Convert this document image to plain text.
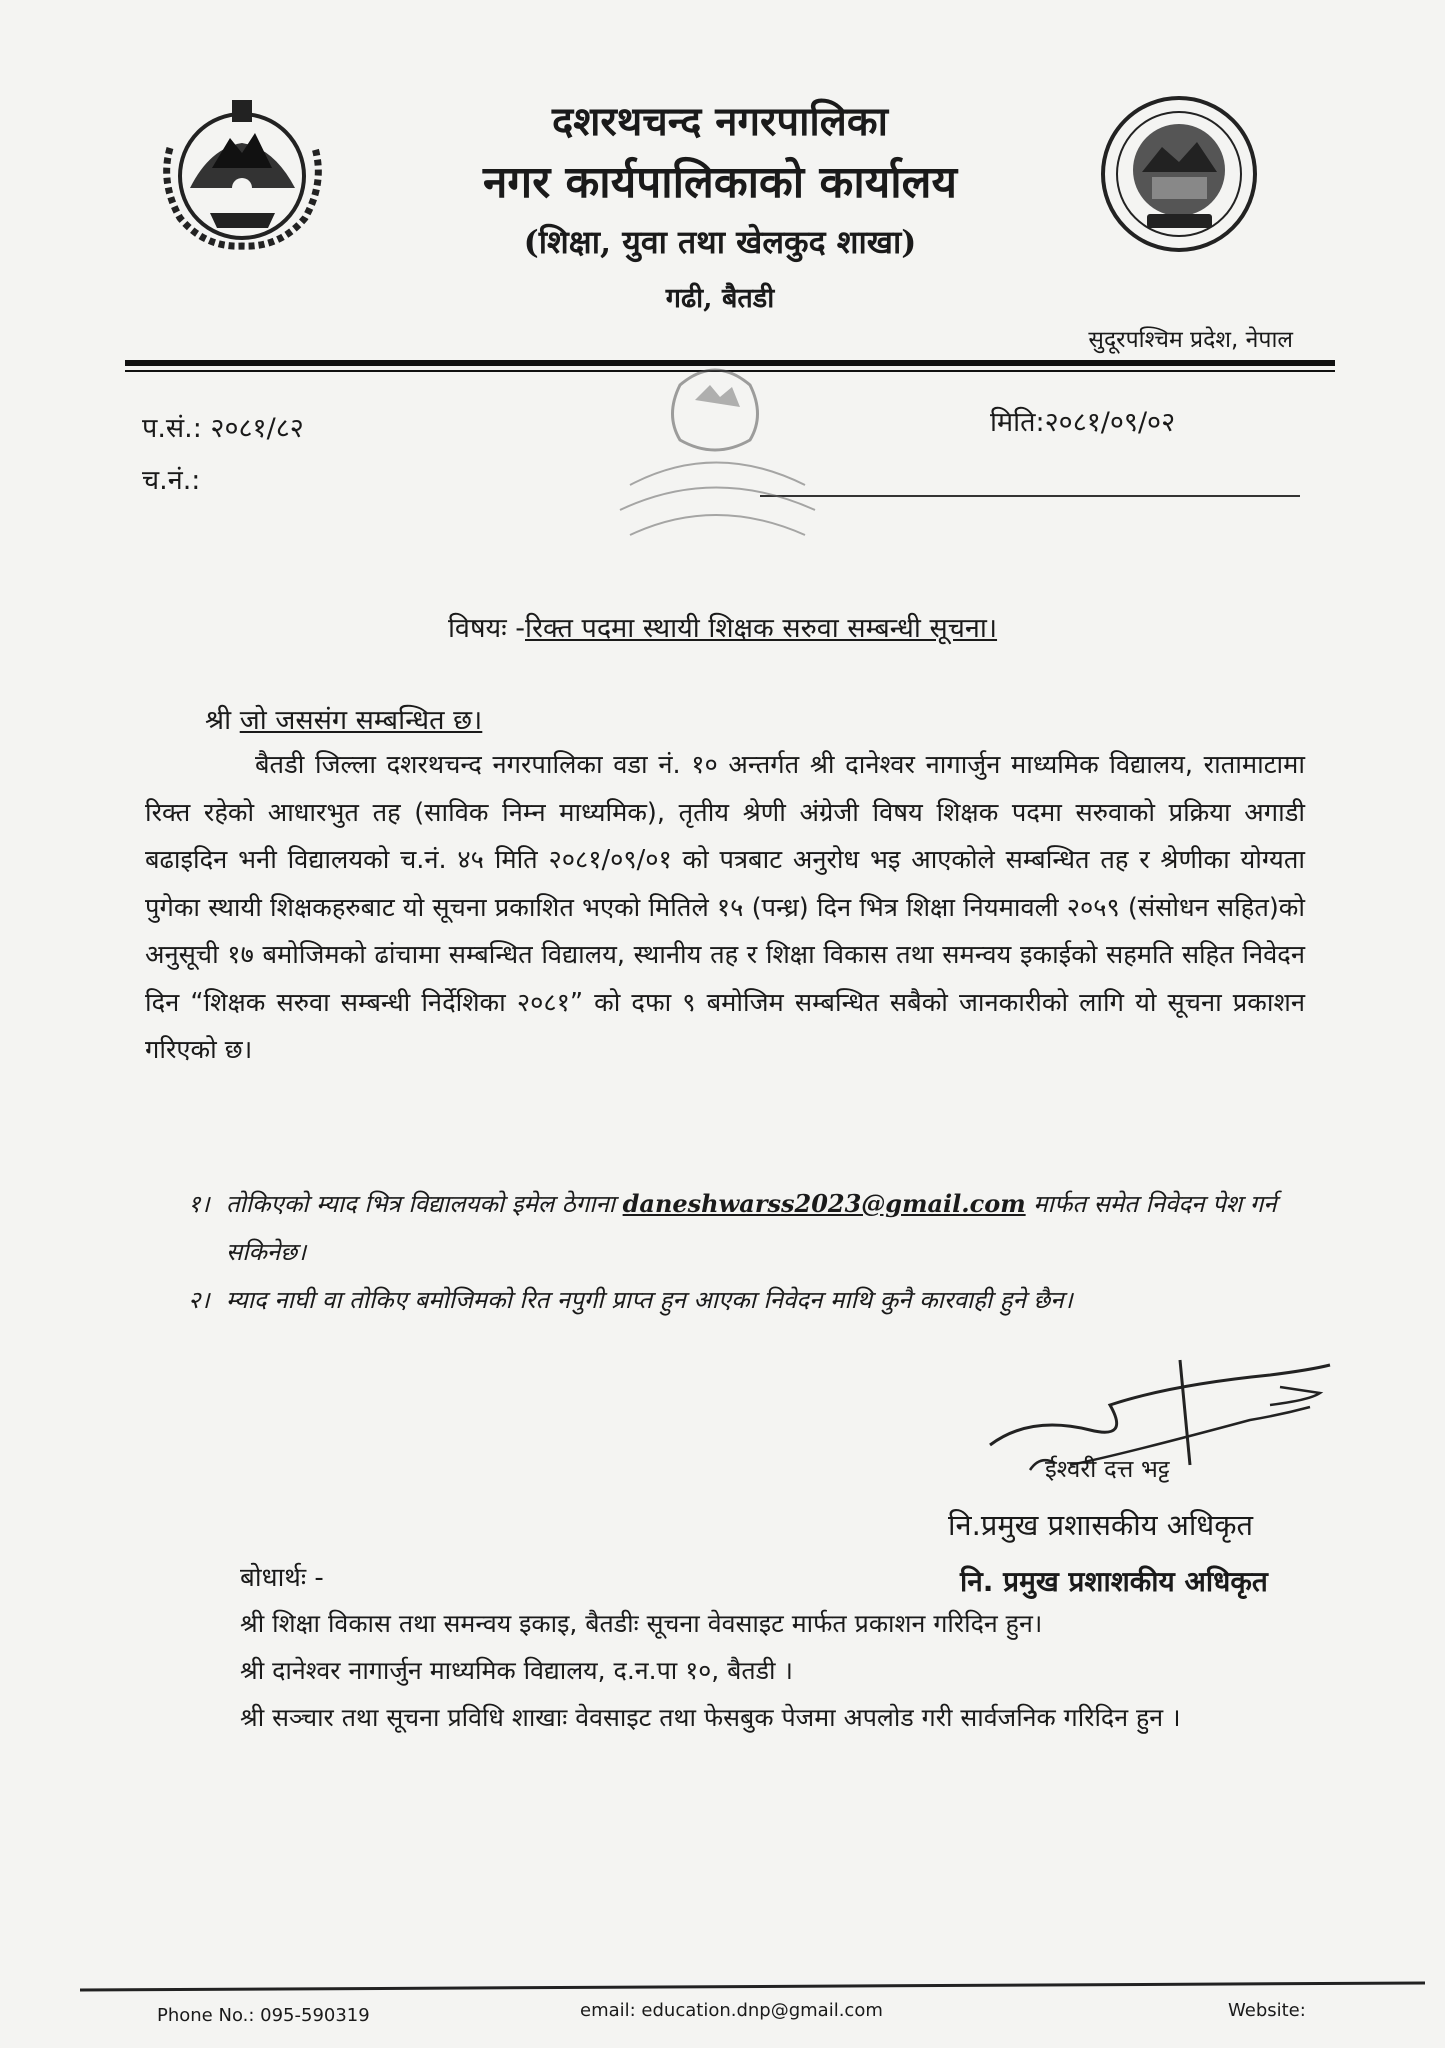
दशरथचन्द नगरपालिका
नगर कार्यपालिकाको कार्यालय
(शिक्षा, युवा तथा खेलकुद शाखा)
गढी, बैतडी
सुदूरपश्चिम प्रदेश, नेपाल
प.सं.: २०८१/८२
च.नं.:
मिति:२०८१/०९/०२
विषयः -रिक्त पदमा स्थायी शिक्षक सरुवा सम्बन्धी सूचना।
श्री जो जससंग सम्बन्धित छ।
बैतडी जिल्ला दशरथचन्द नगरपालिका वडा नं. १० अन्तर्गत श्री दानेश्वर नागार्जुन माध्यमिक विद्यालय, रातामाटामा रिक्त रहेको आधारभुत तह (साविक निम्न माध्यमिक), तृतीय श्रेणी अंग्रेजी विषय शिक्षक पदमा सरुवाको प्रक्रिया अगाडी बढाइदिन भनी विद्यालयको च.नं. ४५ मिति २०८१/०९/०१ को पत्रबाट अनुरोध भइ आएकोले सम्बन्धित तह र श्रेणीका योग्यता पुगेका स्थायी शिक्षकहरुबाट यो सूचना प्रकाशित भएको मितिले १५ (पन्ध्र) दिन भित्र शिक्षा नियमावली २०५९ (संसोधन सहित)को अनुसूची १७ बमोजिमको ढांचामा सम्बन्धित विद्यालय, स्थानीय तह र शिक्षा विकास तथा समन्वय इकाईको सहमति सहित निवेदन दिन “शिक्षक सरुवा सम्बन्धी निर्देशिका २०८१” को दफा ९ बमोजिम सम्बन्धित सबैको जानकारीको लागि यो सूचना प्रकाशन गरिएको छ।
१। तोकिएको म्याद भित्र विद्यालयको इमेल ठेगाना daneshwarss2023@gmail.com मार्फत समेत निवेदन पेश गर्न सकिनेछ।
२। म्याद नाघी वा तोकिए बमोजिमको रित नपुगी प्राप्त हुन आएका निवेदन माथि कुनै कारवाही हुने छैन।
ईश्वरी दत्त भट्ट
नि.प्रमुख प्रशासकीय अधिकृत
नि. प्रमुख प्रशाशकीय अधिकृत
बोधार्थः -
श्री शिक्षा विकास तथा समन्वय इकाइ, बैतडीः सूचना वेवसाइट मार्फत प्रकाशन गरिदिन हुन।
श्री दानेश्वर नागार्जुन माध्यमिक विद्यालय, द.न.पा १०, बैतडी ।
श्री सञ्चार तथा सूचना प्रविधि शाखाः वेवसाइट तथा फेसबुक पेजमा अपलोड गरी सार्वजनिक गरिदिन हुन ।
Phone No.: 095-590319	email: education.dnp@gmail.com	Website:
